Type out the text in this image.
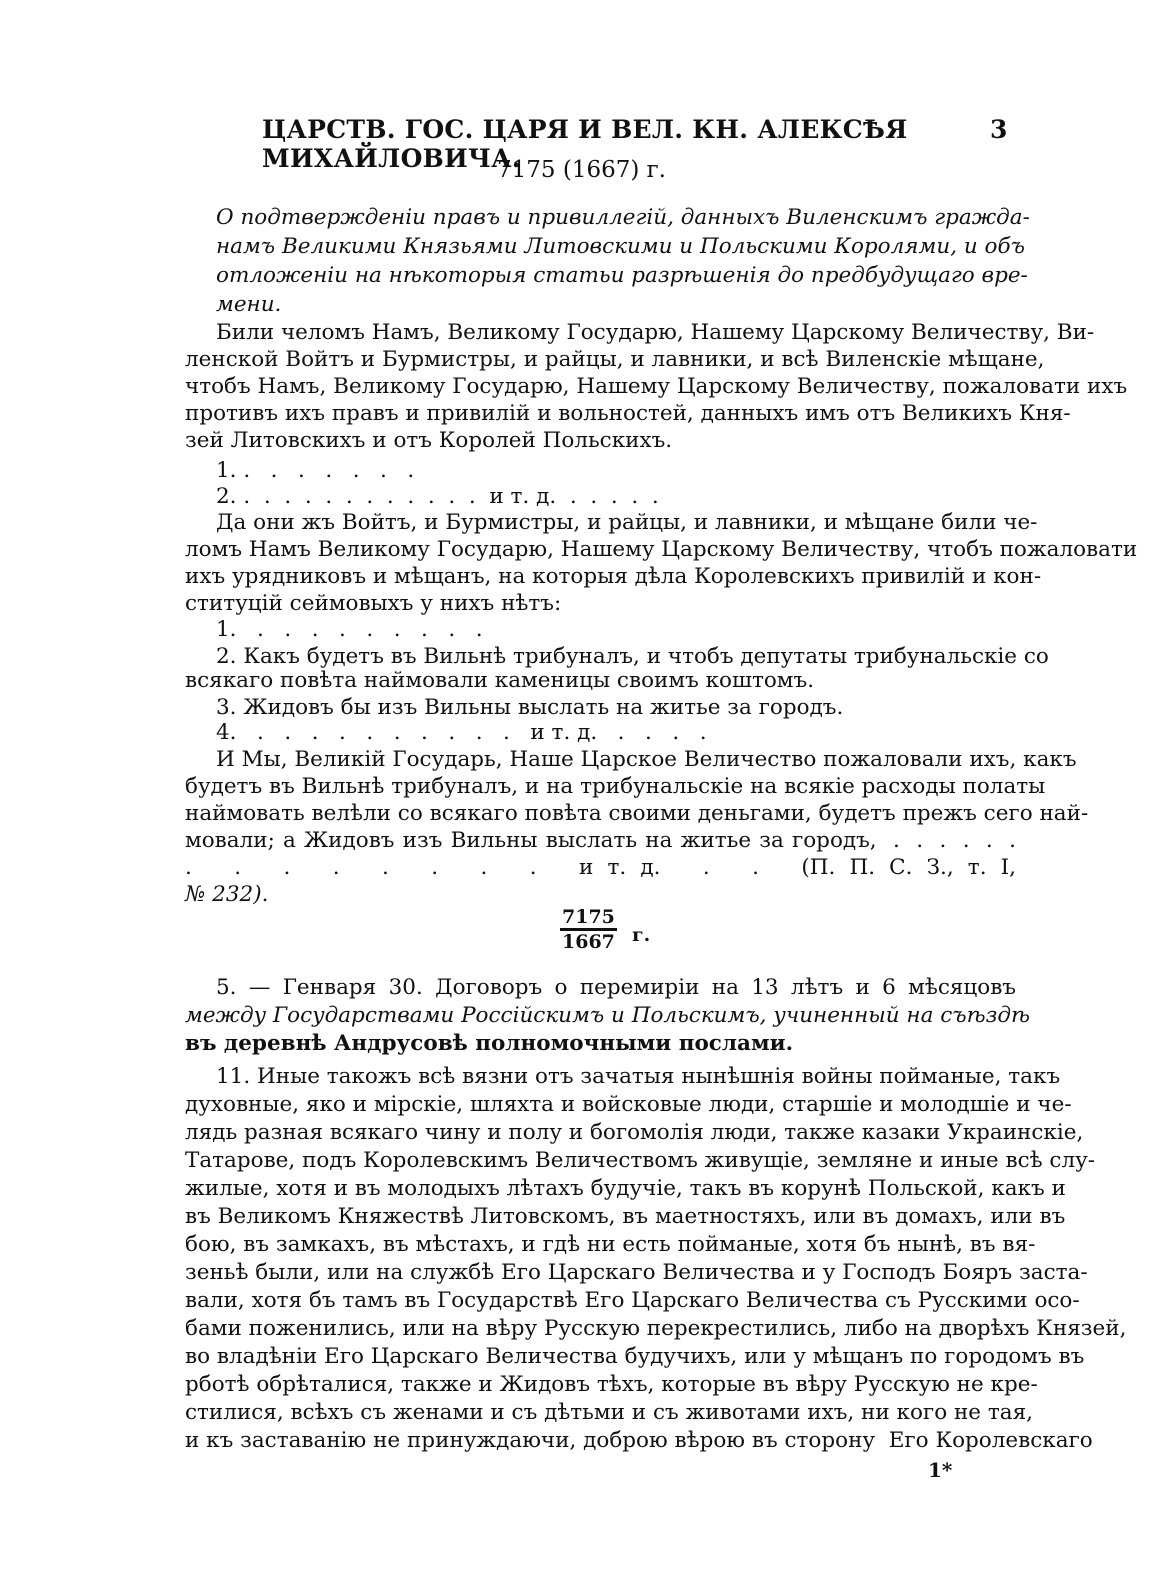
ЦАРСТВ. ГОС. ЦАРЯ И ВЕЛ. КН. АЛЕКСѢЯ МИХАЙЛОВИЧА.
3
7175 (1667) г.
О подтвержденіи правъ и привиллегій, данныхъ Виленскимъ гражда-
намъ Великими Князьями Литовскими и Польскими Королями, и объ
отложеніи на нѣкоторыя статьи разрѣшенія до предбудущаго вре-
мени.
Били челомъ Намъ, Великому Государю, Нашему Царскому Величеству, Ви-
ленской Войтъ и Бурмистры, и райцы, и лавники, и всѣ Виленскіе мѣщане,
чтобъ Намъ, Великому Государю, Нашему Царскому Величеству, пожаловати ихъ
противъ ихъ правъ и привилій и вольностей, данныхъ имъ отъ Великихъ Кня-
зей Литовскихъ и отъ Королей Польскихъ.
1. .   .   .   .   .   .   .
2. .  .  .  .  .  .  .  .  .  .  .  .  и т. д.  .  .  .  .  .
Да они жъ Войтъ, и Бурмистры, и райцы, и лавники, и мѣщане били че-
ломъ Намъ Великому Государю, Нашему Царскому Величеству, чтобъ пожаловати
ихъ урядниковъ и мѣщанъ, на которыя дѣла Королевскихъ привилій и кон-
ституцій сеймовыхъ у нихъ нѣтъ:
1.   .   .   .   .   .   .   .   .   .
2. Какъ будетъ въ Вильнѣ трибуналъ, и чтобъ депутаты трибунальскіе со
всякаго повѣта наймовали каменицы своимъ коштомъ.
3. Жидовъ бы изъ Вильны выслать на житье за городъ.
4.   .   .   .   .   .   .   .   .   .   .   и т. д.   .   .   .   .
И Мы, Великій Государь, Наше Царское Величество пожаловали ихъ, какъ
будетъ въ Вильнѣ трибуналъ, и на трибунальскіе на всякіе расходы полаты
наймовать велѣли со всякаго повѣта своими деньгами, будетъ прежъ сего най-
мовали; а Жидовъ изъ Вильны выслать на житье за городъ,  .  .  .  .  .  .
.   .   .   .   .   .   .   .   и т. д.   .   .   (П. П. С. З., т. I,
№ 232).
$\frac{7175}{1667} г$.
5. — Генваря 30. Договоръ о перемиріи на 13 лѣтъ и 6 мѣсяцовъ
между Государствами Россійскимъ и Польскимъ, учиненный на съѣздѣ
въ деревнѣ Андрусовѣ полномочными послами.
11. Иные такожъ всѣ вязни отъ зачатыя нынѣшнія войны пойманые, такъ
духовные, яко и мірскіе, шляхта и войсковые люди, старшіе и молодшіе и че-
лядь разная всякаго чину и полу и богомолія люди, также казаки Украинскіе,
Татарове, подъ Королевскимъ Величествомъ живущіе, земляне и иные всѣ слу-
жилые, хотя и въ молодыхъ лѣтахъ будучіе, такъ въ корунѣ Польской, какъ и
въ Великомъ Княжествѣ Литовскомъ, въ маетностяхъ, или въ домахъ, или въ
бою, въ замкахъ, въ мѣстахъ, и гдѣ ни есть пойманые, хотя бъ нынѣ, въ вя-
зеньѣ были, или на службѣ Его Царскаго Величества и у Господъ Бояръ заста-
вали, хотя бъ тамъ въ Государствѣ Его Царскаго Величества съ Русскими осо-
бами поженились, или на вѣру Русскую перекрестились, либо на дворѣхъ Князей,
во владѣніи Его Царскаго Величества будучихъ, или у мѣщанъ по городомъ въ
рботѣ обрѣталися, также и Жидовъ тѣхъ, которые въ вѣру Русскую не кре-
стилися, всѣхъ съ женами и съ дѣтьми и съ животами ихъ, ни кого не тая,
и къ заставанію не принуждаючи, доброю вѣрою въ сторону  Его Королевскаго
1*
